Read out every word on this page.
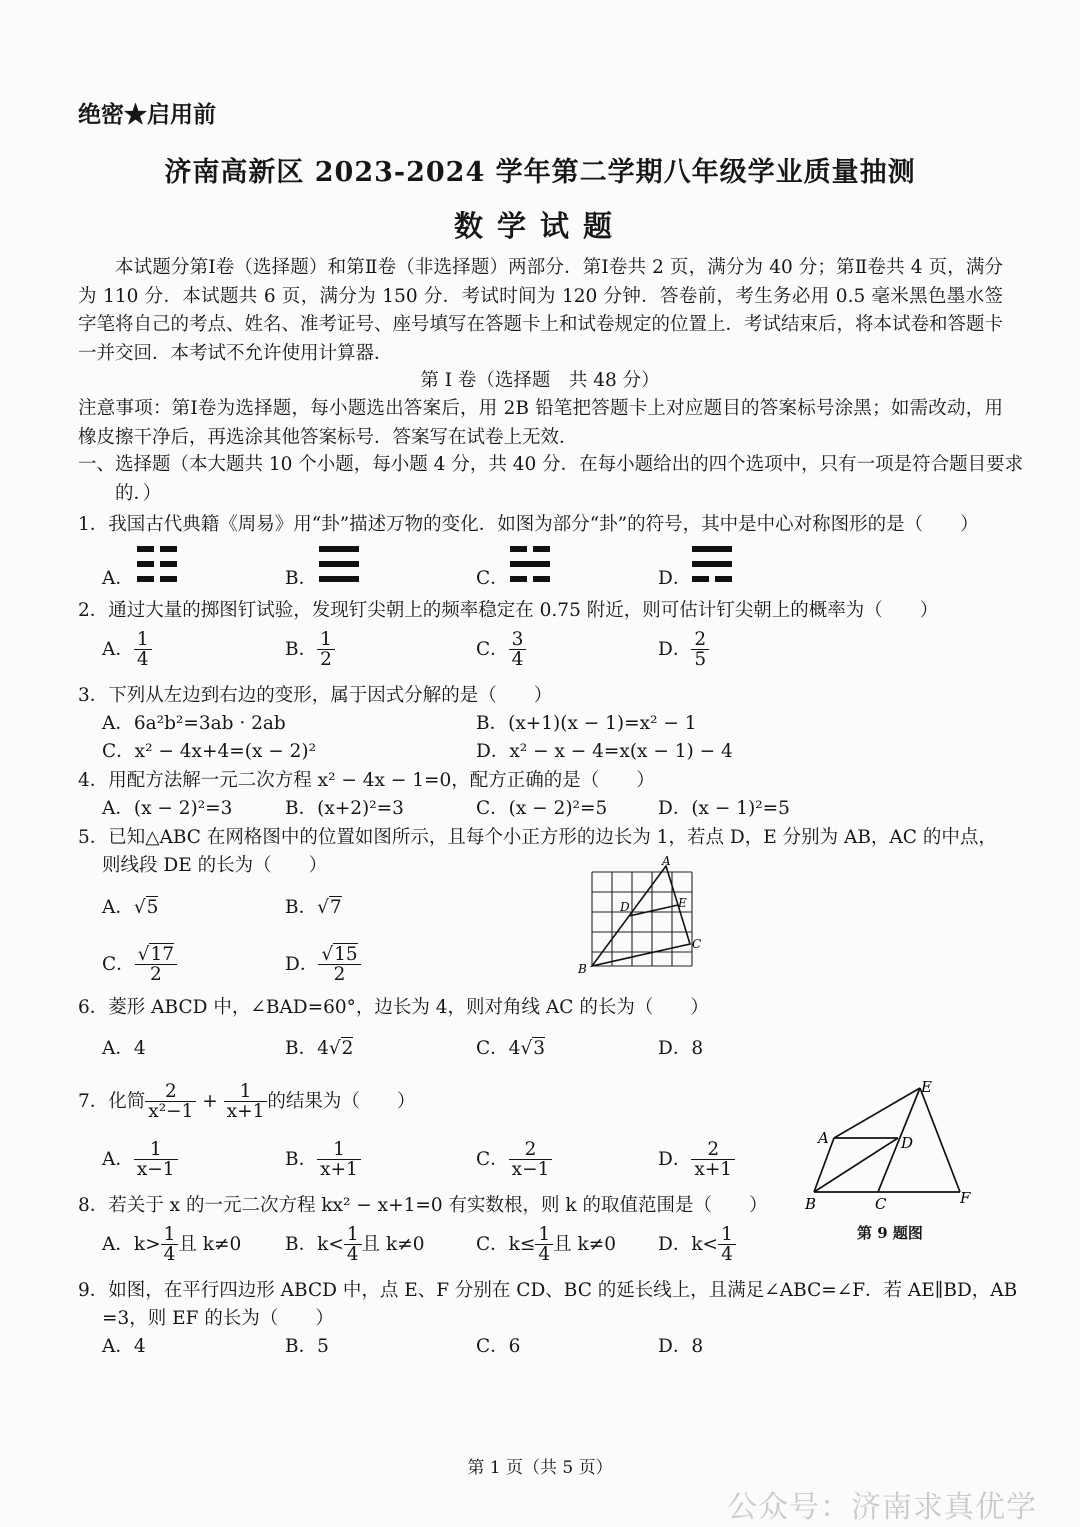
绝密★启用前
济南高新区 2023-2024 学年第二学期八年级学业质量抽测
数学试题
本试题分第Ⅰ卷（选择题）和第Ⅱ卷（非选择题）两部分．第Ⅰ卷共 2 页，满分为 40 分；第Ⅱ卷共 4 页，满分为 110 分．本试题共 6 页，满分为 150 分．考试时间为 120 分钟．答卷前，考生务必用 0.5 毫米黑色墨水签字笔将自己的考点、姓名、准考证号、座号填写在答题卡上和试卷规定的位置上．考试结束后，将本试卷和答题卡一并交回．本考试不允许使用计算器．
第 I 卷（选择题　共 48 分）
注意事项：第Ⅰ卷为选择题，每小题选出答案后，用 2B 铅笔把答题卡上对应题目的答案标号涂黑；如需改动，用橡皮擦干净后，再选涂其他答案标号．答案写在试卷上无效．
一、选择题（本大题共 10 个小题，每小题 4 分，共 40 分．在每小题给出的四个选项中，只有一项是符合题目要求的．）
1．我国古代典籍《周易》用“卦”描述万物的变化．如图为部分“卦”的符号，其中是中心对称图形的是（　　）
A．	B．	C．	D．
2．通过大量的掷图钉试验，发现钉尖朝上的频率稳定在 0.75 附近，则可估计钉尖朝上的概率为（　　）
A． $\frac{1}{4}$	B． $\frac{1}{2}$	C． $\frac{3}{4}$	D． $\frac{2}{5}$
3．下列从左边到右边的变形，属于因式分解的是（　　）
A．6a²b²=3ab · 2ab	B．(x+1)(x − 1)=x² − 1
C．x² − 4x+4=(x − 2)²	D．x² − x − 4=x(x − 1) − 4
4．用配方法解一元二次方程 x² − 4x − 1=0，配方正确的是（　　）
A．(x − 2)²=3	B．(x+2)²=3	C．(x − 2)²=5	D．(x − 1)²=5
5．已知△ABC 在网格图中的位置如图所示，且每个小正方形的边长为 1，若点 D，E 分别为 AB，AC 的中点，
则线段 DE 的长为（　　）
A．√5	B．√7
C． $\frac{√17}{2}$	D． $\frac{√15}{2}$
A
B
C
D	E
6．菱形 ABCD 中，∠BAD=60°，边长为 4，则对角线 AC 的长为（　　）
A．4	B．4√2	C．4√3	D．8
7．化简 $\frac{2}{\text{x²−1}} + \frac{1}{x+1}$ 的结果为（　　）
A． $\frac{1}{x-1}$	B． $\frac{1}{x+1}$	C． $\frac{2}{x-1}$	D． $\frac{2}{x+1}$
E
A	D
B	C	F
第 9 题图
8．若关于 x 的一元二次方程 kx² − x+1=0 有实数根，则 k 的取值范围是（　　）
A．$k> \frac{1}{4}$ 且 k≠0 B．$k< \frac{1}{4}$ 且 k≠0	C．$k\le \frac{1}{4}$ 且 k≠0 D．$k< \frac{1}{4}$
9．如图，在平行四边形 ABCD 中，点 E、F 分别在 CD、BC 的延长线上，且满足∠ABC=∠F．若 AE∥BD，AB
=3，则 EF 的长为（　　）
A．4	B．5	C．6	D．8
第 1 页（共 5 页）
公众号：济南求真优学
